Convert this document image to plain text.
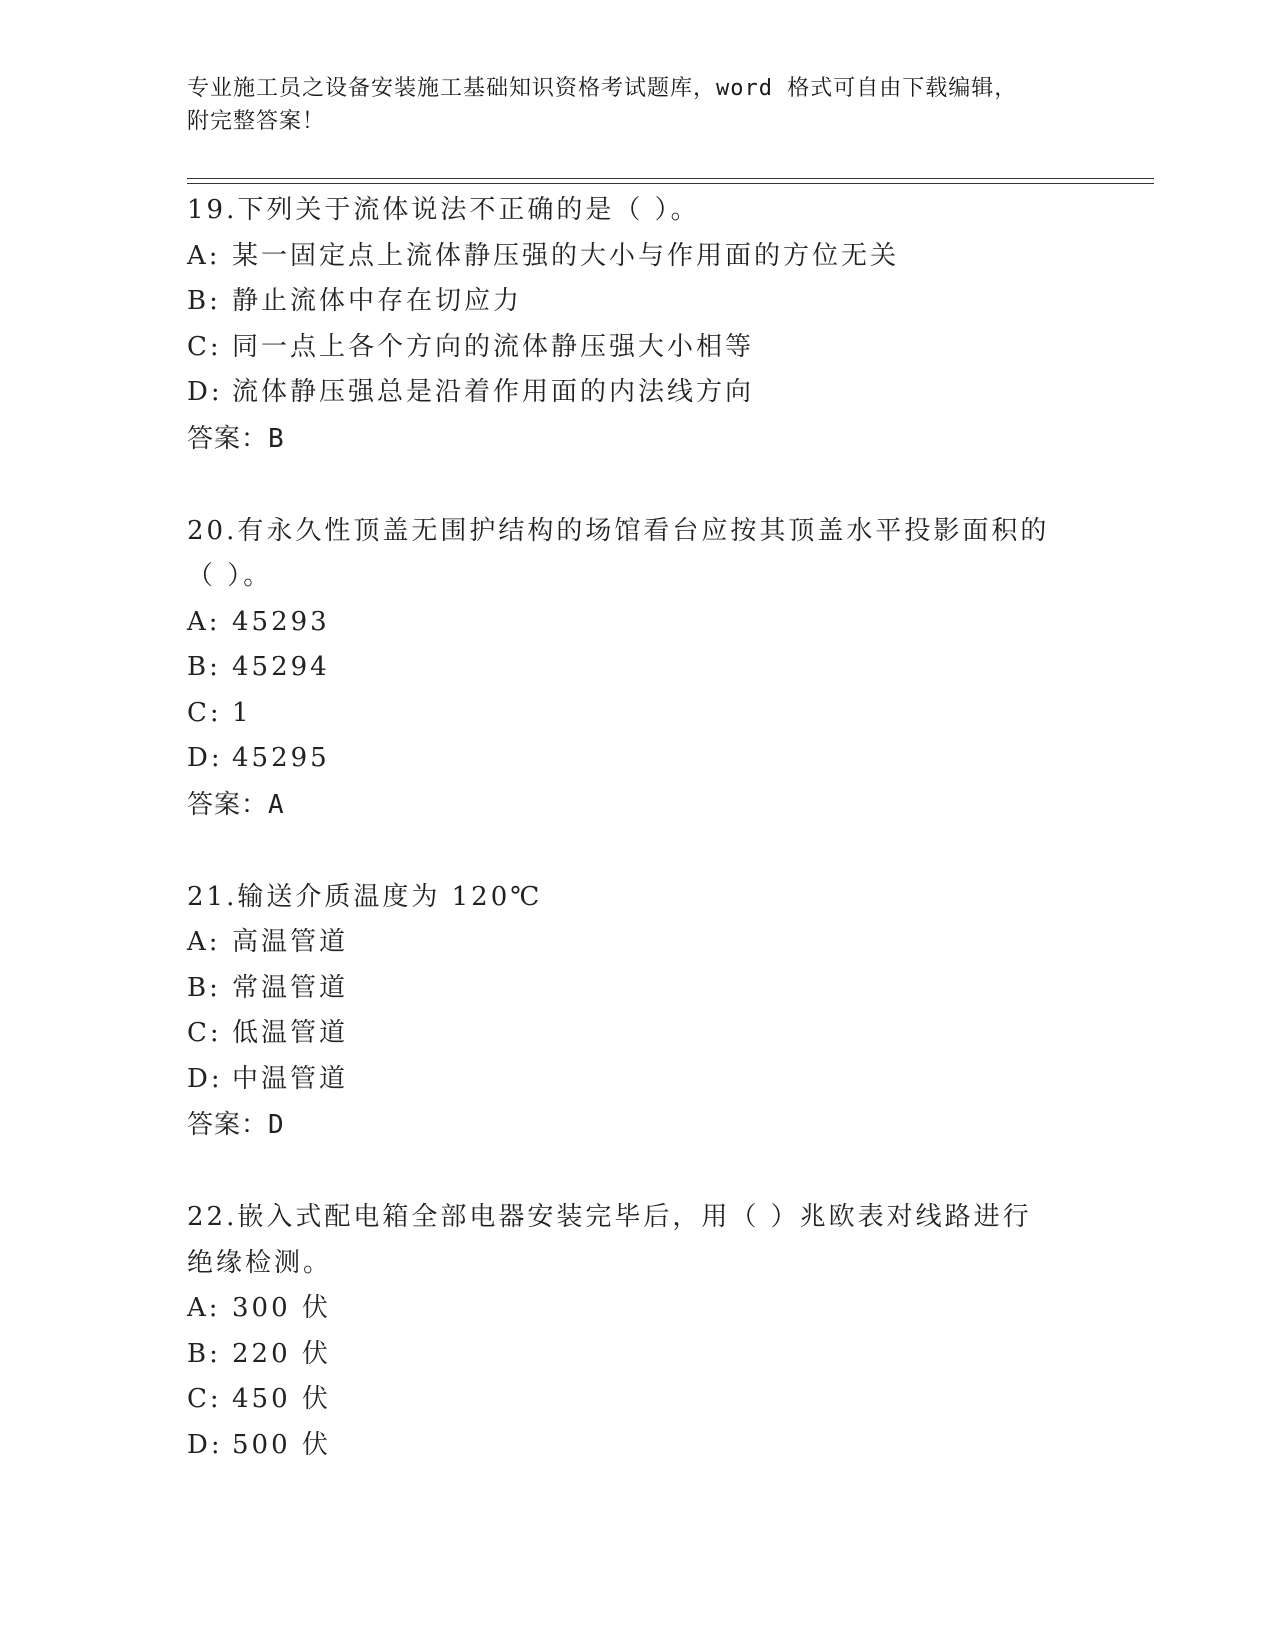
专业施工员之设备安装施工基础知识资格考试题库，word 格式可自由下载编辑，
附完整答案！
19.下列关于流体说法不正确的是（ ）。
A: 某一固定点上流体静压强的大小与作用面的方位无关
B: 静止流体中存在切应力
C: 同一点上各个方向的流体静压强大小相等
D: 流体静压强总是沿着作用面的内法线方向
答案：B
20.有永久性顶盖无围护结构的场馆看台应按其顶盖水平投影面积的（ ）。
A: 45293
B: 45294
C: 1
D: 45295
答案：A
21.输送介质温度为 120℃
A: 高温管道
B: 常温管道
C: 低温管道
D: 中温管道
答案：D
22.嵌入式配电箱全部电器安装完毕后，用（ ）兆欧表对线路进行绝缘检测。
A: 300 伏
B: 220 伏
C: 450 伏
D: 500 伏
